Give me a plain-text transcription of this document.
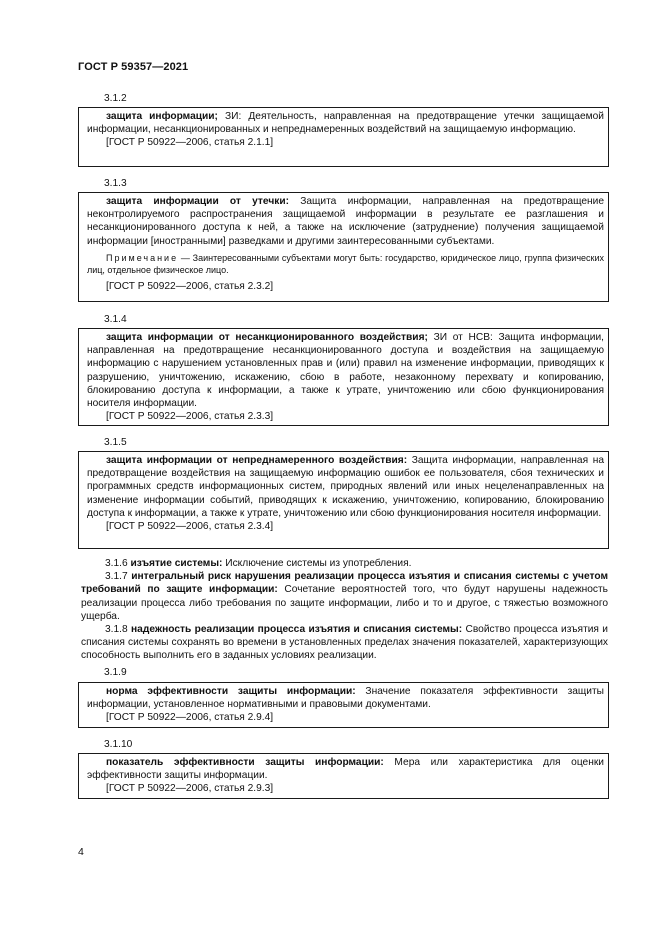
ГОСТ Р 59357—2021
3.1.2

защита информации; ЗИ: Деятельность, направленная на предотвращение утечки защищаемой информации, несанкционированных и непреднамеренных воздействий на защищаемую информацию.

[ГОСТ Р 50922—2006, статья 2.1.1]

3.1.3

защита информации от утечки: Защита информации, направленная на предотвращение неконтролируемого распространения защищаемой информации в результате ее разглашения и несанкционированного доступа к ней, а также на исключение (затруднение) получения защищаемой информации [иностранными] разведками и другими заинтересованными субъектами.

Примечание — Заинтересованными субъектами могут быть: государство, юридическое лицо, группа физических лиц, отдельное физическое лицо.

[ГОСТ Р 50922—2006, статья 2.3.2]

3.1.4

защита информации от несанкционированного воздействия; ЗИ от НСВ: Защита информации, направленная на предотвращение несанкционированного доступа и воздействия на защищаемую информацию с нарушением установленных прав и (или) правил на изменение информации, приводящих к разрушению, уничтожению, искажению, сбою в работе, незаконному перехвату и копированию, блокированию доступа к информации, а также к утрате, уничтожению или сбою функционирования носителя информации.

[ГОСТ Р 50922—2006, статья 2.3.3]

3.1.5

защита информации от непреднамеренного воздействия: Защита информации, направленная на предотвращение воздействия на защищаемую информацию ошибок ее пользователя, сбоя технических и программных средств информационных систем, природных явлений или иных нецеленаправленных на изменение информации событий, приводящих к искажению, уничтожению, копированию, блокированию доступа к информации, а также к утрате, уничтожению или сбою функционирования носителя информации.

[ГОСТ Р 50922—2006, статья 2.3.4]

3.1.6 изъятие системы: Исключение системы из употребления.

3.1.7 интегральный риск нарушения реализации процесса изъятия и списания системы с учетом требований по защите информации: Сочетание вероятностей того, что будут нарушены надежность реализации процесса либо требования по защите информации, либо и то и другое, с тяжестью возможного ущерба.

3.1.8 надежность реализации процесса изъятия и списания системы: Свойство процесса изъятия и списания системы сохранять во времени в установленных пределах значения показателей, характеризующих способность выполнить его в заданных условиях реализации.

3.1.9

норма эффективности защиты информации: Значение показателя эффективности защиты информации, установленное нормативными и правовыми документами.

[ГОСТ Р 50922—2006, статья 2.9.4]

3.1.10

показатель эффективности защиты информации: Мера или характеристика для оценки эффективности защиты информации.

[ГОСТ Р 50922—2006, статья 2.9.3]

4
